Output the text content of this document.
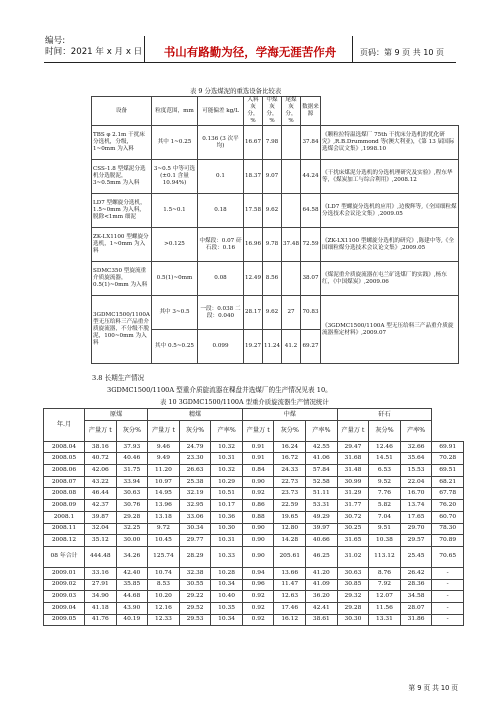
编号:
时间：2021 年 x 月 x 日	书山有路勤为径，学海无涯苦作舟	页码：第 9 页 共 10 页
表 9 分选煤泥的重选设备比较表
设备	粒度范围，mm	可能偏差 kg/L	入料灰分，%	中煤灰分，%	尾煤灰分，%	数据来源	
TBS φ 2.1m 干扰床分选机，分级，1~0mm 为入料	其中 1~0.25	0.136 (3 次平均)	16.67	7.98		37.84	《颗粒拉特温选煤厂 75th 干扰床分选机的优化研究》,R.B.Drummond 等(澳大利亚)，《第 13 届国际选煤会议文集》,1998.10
CSS-1.8 型煤泥分选机分选脱泥，3~0.5mm 为入料	3~0.5 中等可选 (±0.1 含量 10.94%)	0.1	18.37	9.07		44.24	《干扰床煤泥分选机的分选机理研究及实验》,程东华等，《煤炭加工与综合利用》,2008.12
LD7 型螺旋分选机，1.5~0mm 为入料，脱除<1mm 细泥	1.5~0.1	0.18	17.58	9.62		64.58	《LD7 型螺旋分选机的应用》,边俊辉等,《全国细粒煤分选技术会议论文集》,2009.05
ZK-LX1100 型螺旋分选机，1~0mm 为入料	>0.125	中煤段：0.07 矸石段：0.16	16.96	9.78	37.48	72.59	《ZK-LX1100 型螺旋分选机的研究》,陈建中等,《全国细粒煤分选技术会议论文集》,2009.05
SDMC350 型旋流重介质旋流器，0.5(1)~0mm 为入料	0.5(1)~0mm	0.08	12.49	8.56		38.07	《煤泥重介质旋流器在屯兰矿选煤厂的实践》,杨东红，《中国煤炭》,2009.06
3GDMC1500/1100A 型无压给料三产品重介质旋流器，不分级不脱泥，100~0mm 为入料	其中 3~0.5	一段：0.038 二段：0.040	28.17	9.62	27	70.83	《3GDMC1500/1100A 型无压给料三产品重介质旋流器鉴定材料》,2009.07
	其中 0.5~0.25	0.099	19.27	11.24	41.2	69.27	
3.8 长期生产情况
3GDMC1500/1100A 型重介质旋流器在稞盘井选煤厂的生产情况见表 10。
表 10 3GDMC1500/1100A 型重介质旋流器生产情况统计
年.月	原煤		精煤			中煤			矸石			
	产量万 t	灰分%	产量万 t	灰分%	产率%	产量万 t	灰分%	产率%	产量万 t	灰分%	产率%	
2008.04	38.16	37.93	9.46	24.79	10.32	0.91	16.24	42.55	29.47	12.46	32.66	69.91
2008.05	40.72	40.46	9.49	23.30	10.31	0.91	16.72	41.06	31.68	14.51	35.64	70.28
2008.06	42.06	31.75	11.20	26.63	10.32	0.84	24.33	57.84	31.48	6.53	15.53	69.51
2008.07	43.22	33.94	10.97	25.38	10.29	0.90	22.73	52.58	30.99	9.52	22.04	68.21
2008.08	46.44	30.63	14.95	32.19	10.51	0.92	23.73	51.11	31.29	7.76	16.70	67.78
2008.09	42.37	30.76	13.96	32.95	10.17	0.86	22.59	53.31	31.77	5.82	13.74	76.20
2008.1	39.87	29.28	13.18	33.06	10.36	0.88	19.65	49.29	30.72	7.04	17.65	60.70
2008.11	32.04	32.25	9.72	30.34	10.30	0.90	12.80	39.97	30.25	9.51	29.70	78.30
2008.12	35.12	30.00	10.45	29.77	10.31	0.90	14.28	40.66	31.65	10.38	29.57	70.89
08 年合计	444.48	34.26	125.74	28.29	10.33	0.90	205.61	46.25	31.02	113.12	25.45	70.65
2009.01	33.16	42.40	10.74	32.38	10.28	0.94	13.66	41.20	30.63	8.76	26.42	-
2009.02	27.91	35.85	8.53	30.55	10.34	0.96	11.47	41.09	30.85	7.92	28.36	-
2009.03	34.90	44.68	10.20	29.22	10.40	0.92	12.63	36.20	29.32	12.07	34.58	-
2009.04	41.18	43.90	12.16	29.52	10.35	0.92	17.46	42.41	29.28	11.56	28.07	-
2009.05	41.76	40.19	12.33	29.53	10.34	0.92	16.12	38.61	30.30	13.31	31.86	-
第 9 页 共 10 页
